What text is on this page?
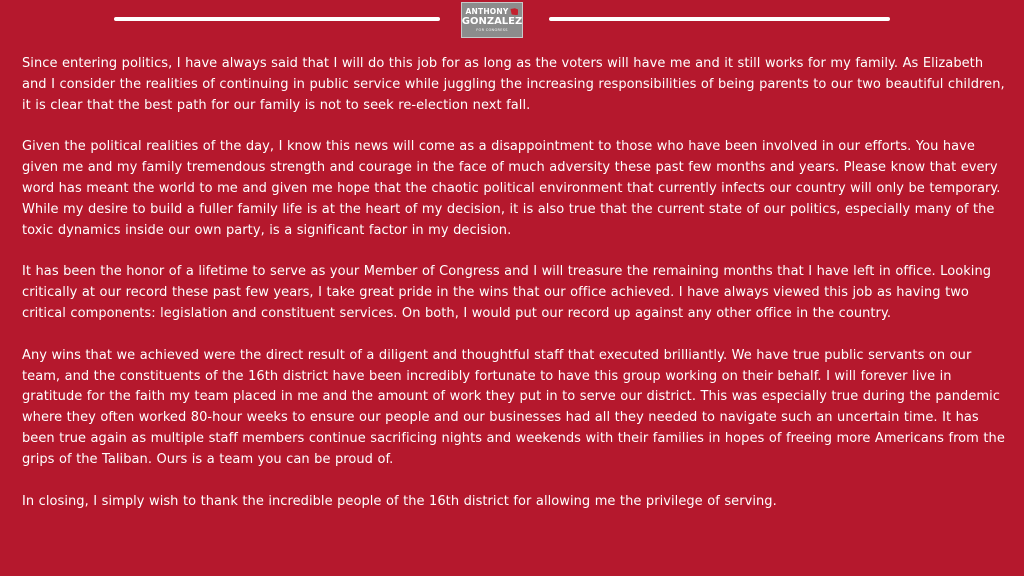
ANTHONY
GONZALEZ
FOR CONGRESS

Since entering politics, I have always said that I will do this job for as long as the voters will have me and it still works for my family. As Elizabeth and I consider the realities of continuing in public service while juggling the increasing responsibilities of being parents to our two beautiful children, it is clear that the best path for our family is not to seek re-election next fall.

Given the political realities of the day, I know this news will come as a disappointment to those who have been involved in our efforts. You have given me and my family tremendous strength and courage in the face of much adversity these past few months and years. Please know that every word has meant the world to me and given me hope that the chaotic political environment that currently infects our country will only be temporary. While my desire to build a fuller family life is at the heart of my decision, it is also true that the current state of our politics, especially many of the toxic dynamics inside our own party, is a significant factor in my decision.

It has been the honor of a lifetime to serve as your Member of Congress and I will treasure the remaining months that I have left in office. Looking critically at our record these past few years, I take great pride in the wins that our office achieved. I have always viewed this job as having two critical components: legislation and constituent services. On both, I would put our record up against any other office in the country.

Any wins that we achieved were the direct result of a diligent and thoughtful staff that executed brilliantly. We have true public servants on our team, and the constituents of the 16th district have been incredibly fortunate to have this group working on their behalf. I will forever live in gratitude for the faith my team placed in me and the amount of work they put in to serve our district. This was especially true during the pandemic where they often worked 80-hour weeks to ensure our people and our businesses had all they needed to navigate such an uncertain time. It has been true again as multiple staff members continue sacrificing nights and weekends with their families in hopes of freeing more Americans from the grips of the Taliban. Ours is a team you can be proud of.

In closing, I simply wish to thank the incredible people of the 16th district for allowing me the privilege of serving.
